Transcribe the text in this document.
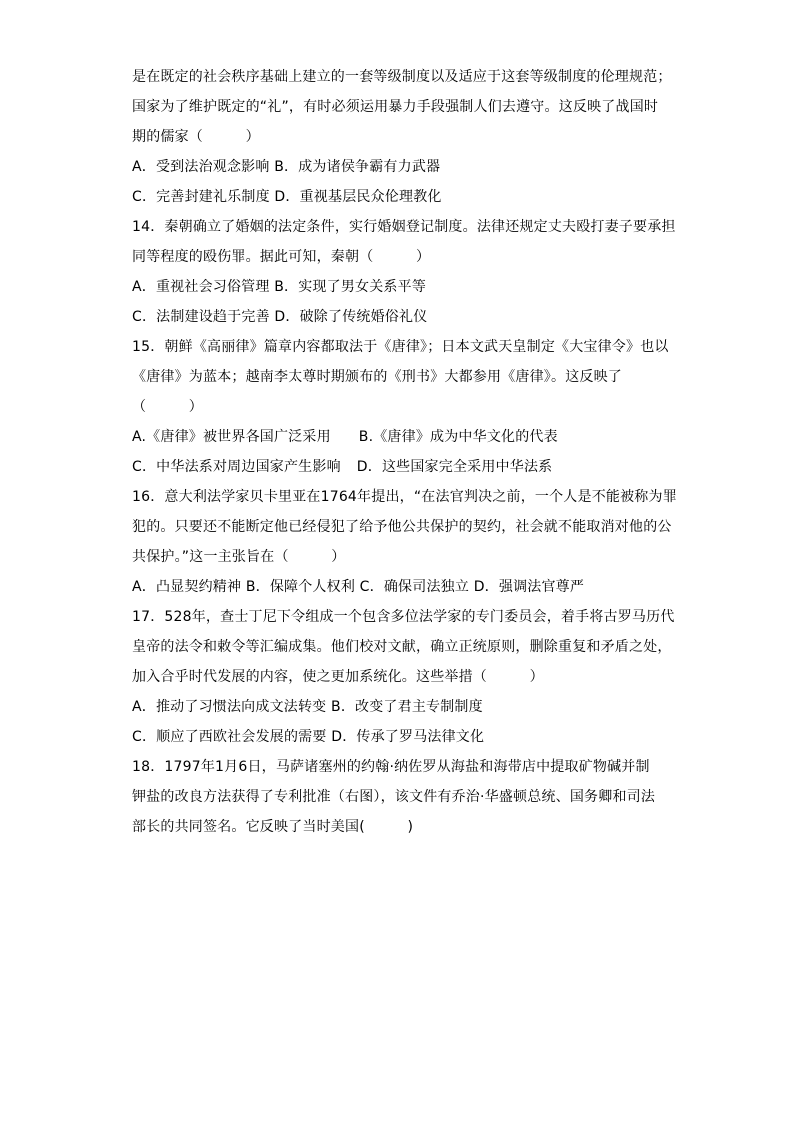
是在既定的社会秩序基础上建立的一套等级制度以及适应于这套等级制度的伦理规范；
国家为了维护既定的“礼”，有时必须运用暴力手段强制人们去遵守。这反映了战国时
期的儒家（　　　）
A．受到法治观念影响 B．成为诸侯争霸有力武器
C．完善封建礼乐制度 D．重视基层民众伦理教化
14．秦朝确立了婚姻的法定条件，实行婚姻登记制度。法律还规定丈夫殴打妻子要承担
同等程度的殴伤罪。据此可知，秦朝（　　　）
A．重视社会习俗管理 B．实现了男女关系平等
C．法制建设趋于完善 D．破除了传统婚俗礼仪
15．朝鲜《高丽律》篇章内容都取法于《唐律》；日本文武天皇制定《大宝律令》也以
《唐律》为蓝本；越南李太尊时期颁布的《刑书》大都参用《唐律》。这反映了
（　　　）
A.《唐律》被世界各国广泛采用 B.《唐律》成为中华文化的代表
C．中华法系对周边国家产生影响 D．这些国家完全采用中华法系
16．意大利法学家贝卡里亚在1764年提出，“在法官判决之前，一个人是不能被称为罪
犯的。只要还不能断定他已经侵犯了给予他公共保护的契约，社会就不能取消对他的公
共保护。”这一主张旨在（　　　）
A．凸显契约精神 B．保障个人权利 C．确保司法独立 D．强调法官尊严
17．528年，查士丁尼下令组成一个包含多位法学家的专门委员会，着手将古罗马历代
皇帝的法令和敕令等汇编成集。他们校对文献，确立正统原则，删除重复和矛盾之处，
加入合乎时代发展的内容，使之更加系统化。这些举措（　　　）
A．推动了习惯法向成文法转变 B．改变了君主专制制度
C．顺应了西欧社会发展的需要 D．传承了罗马法律文化
18．1797年1月6日，马萨诸塞州的约翰·纳佐罗从海盐和海带店中提取矿物碱并制
钾盐的改良方法获得了专利批准（右图），该文件有乔治·华盛顿总统、国务卿和司法
部长的共同签名。它反映了当时美国(　　　)
